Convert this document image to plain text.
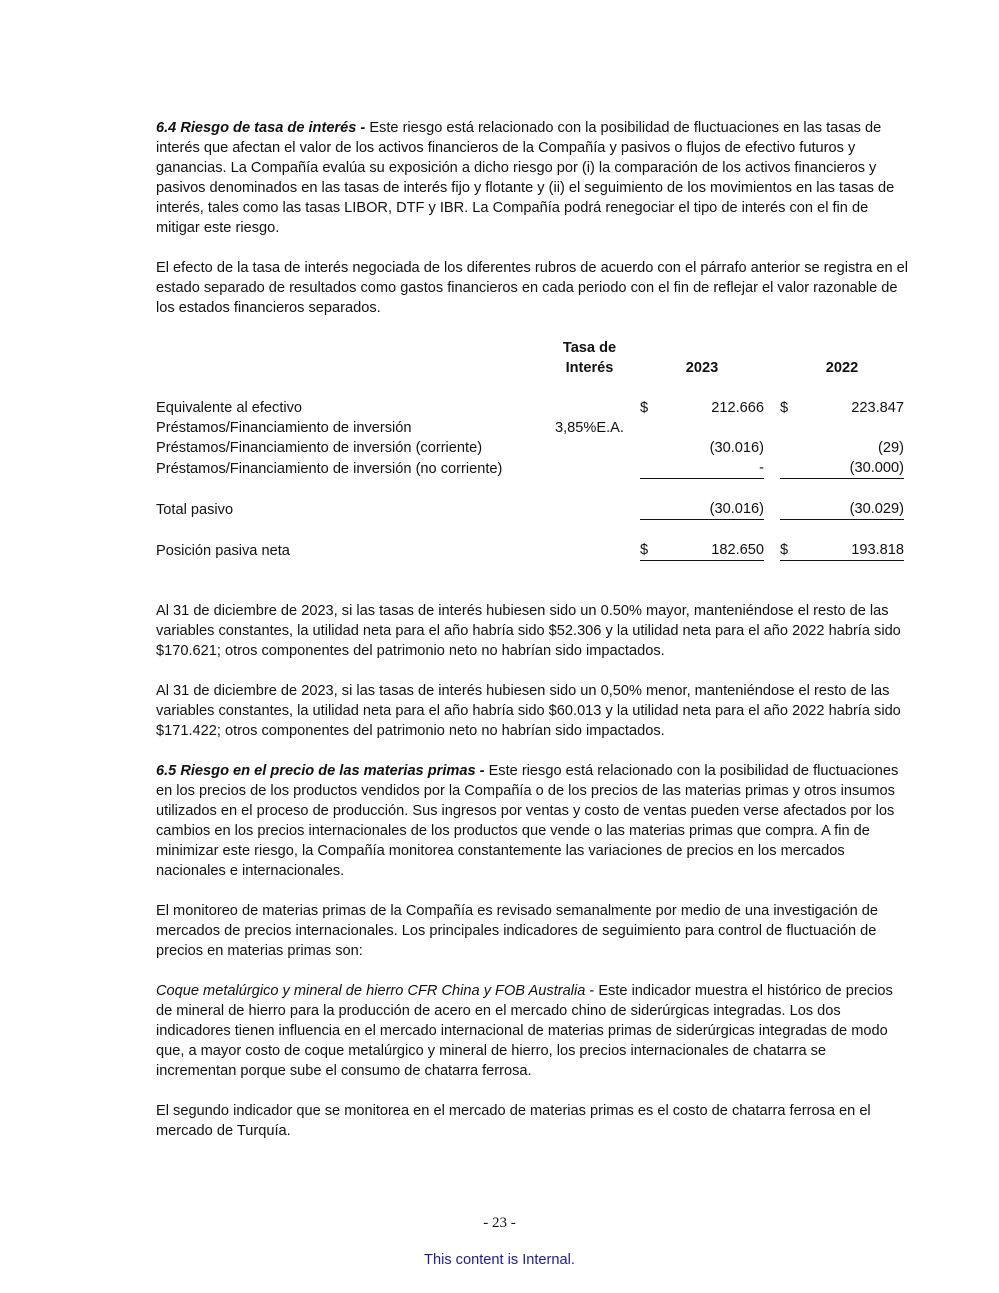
6.4 Riesgo de tasa de interés - Este riesgo está relacionado con la posibilidad de fluctuaciones en las tasas de interés que afectan el valor de los activos financieros de la Compañía y pasivos o flujos de efectivo futuros y ganancias. La Compañía evalúa su exposición a dicho riesgo por (i) la comparación de los activos financieros y pasivos denominados en las tasas de interés fijo y flotante y (ii) el seguimiento de los movimientos en las tasas de interés, tales como las tasas LIBOR, DTF y IBR. La Compañía podrá renegociar el tipo de interés con el fin de mitigar este riesgo.

El efecto de la tasa de interés negociada de los diferentes rubros de acuerdo con el párrafo anterior se registra en el estado separado de resultados como gastos financieros en cada periodo con el fin de reflejar el valor razonable de los estados financieros separados.

	Tasa de					
	Interés	2023			2022	

Equivalente al efectivo		$	212.666		$	223.847
Préstamos/Financiamiento de inversión	3,85%E.A.					
Préstamos/Financiamiento de inversión (corriente)			(30.016)			(29)
Préstamos/Financiamiento de inversión (no corriente)			-			(30.000)

Total pasivo			(30.016)			(30.029)

Posición pasiva neta		$	182.650		$	193.818

Al 31 de diciembre de 2023, si las tasas de interés hubiesen sido un 0.50% mayor, manteniéndose el resto de las variables constantes, la utilidad neta para el año habría sido $52.306 y la utilidad neta para el año 2022 habría sido $170.621; otros componentes del patrimonio neto no habrían sido impactados.

Al 31 de diciembre de 2023, si las tasas de interés hubiesen sido un 0,50% menor, manteniéndose el resto de las variables constantes, la utilidad neta para el año habría sido $60.013 y la utilidad neta para el año 2022 habría sido $171.422; otros componentes del patrimonio neto no habrían sido impactados.

6.5 Riesgo en el precio de las materias primas - Este riesgo está relacionado con la posibilidad de fluctuaciones en los precios de los productos vendidos por la Compañía o de los precios de las materias primas y otros insumos utilizados en el proceso de producción. Sus ingresos por ventas y costo de ventas pueden verse afectados por los cambios en los precios internacionales de los productos que vende o las materias primas que compra. A fin de minimizar este riesgo, la Compañía monitorea constantemente las variaciones de precios en los mercados nacionales e internacionales.

El monitoreo de materias primas de la Compañía es revisado semanalmente por medio de una investigación de mercados de precios internacionales. Los principales indicadores de seguimiento para control de fluctuación de precios en materias primas son:

Coque metalúrgico y mineral de hierro CFR China y FOB Australia - Este indicador muestra el histórico de precios de mineral de hierro para la producción de acero en el mercado chino de siderúrgicas integradas. Los dos indicadores tienen influencia en el mercado internacional de materias primas de siderúrgicas integradas de modo que, a mayor costo de coque metalúrgico y mineral de hierro, los precios internacionales de chatarra se incrementan porque sube el consumo de chatarra ferrosa.

El segundo indicador que se monitorea en el mercado de materias primas es el costo de chatarra ferrosa en el mercado de Turquía.

- 23 -
This content is Internal.
